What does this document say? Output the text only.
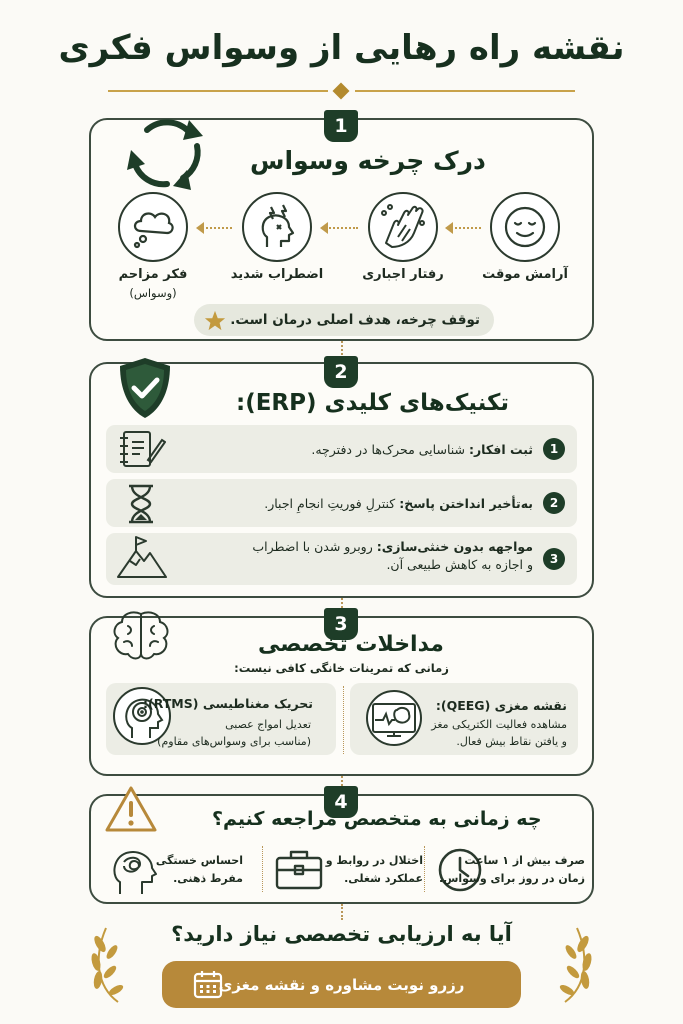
نقشه راه رهایی از وسواس فکری
1
درک چرخه وسواس
فکر مزاحم
(وسواس)
اضطراب شدید	رفتار اجباری	آرامش موقت
توقف چرخه، هدف اصلی درمان است.
2
تکنیک‌های کلیدی (ERP):
1
ثبت افکار: شناسایی محرک‌ها در دفترچه.
2
به‌تأخیر انداختن پاسخ: کنترلِ فوریتِ انجامِ اجبار.
3
مواجهه بدون خنثی‌سازی: روبرو شدن با اضطراب
و اجازه به کاهش طبیعی آن.
3
مداخلات تخصصی
زمانی که تمرینات خانگی کافی نیست:
تحریک مغناطیسی (RTMS):
تعدیل امواج عصبی
(مناسب برای وسواس‌های مقاوم)
نقشه مغزی (QEEG):
مشاهده فعالیت الکتریکی مغز
و یافتن نقاط بیش فعال.
4
چه زمانی به متخصص مراجعه کنیم؟
صرف بیش از ۱ ساعت
زمان در روز برای وسواس.
اختلال در روابط و
عملکرد شغلی.
احساس خستگی
مفرط ذهنی.
آیا به ارزیابی تخصصی نیاز دارید؟
رزرو نوبت مشاوره و نقشه مغزی
